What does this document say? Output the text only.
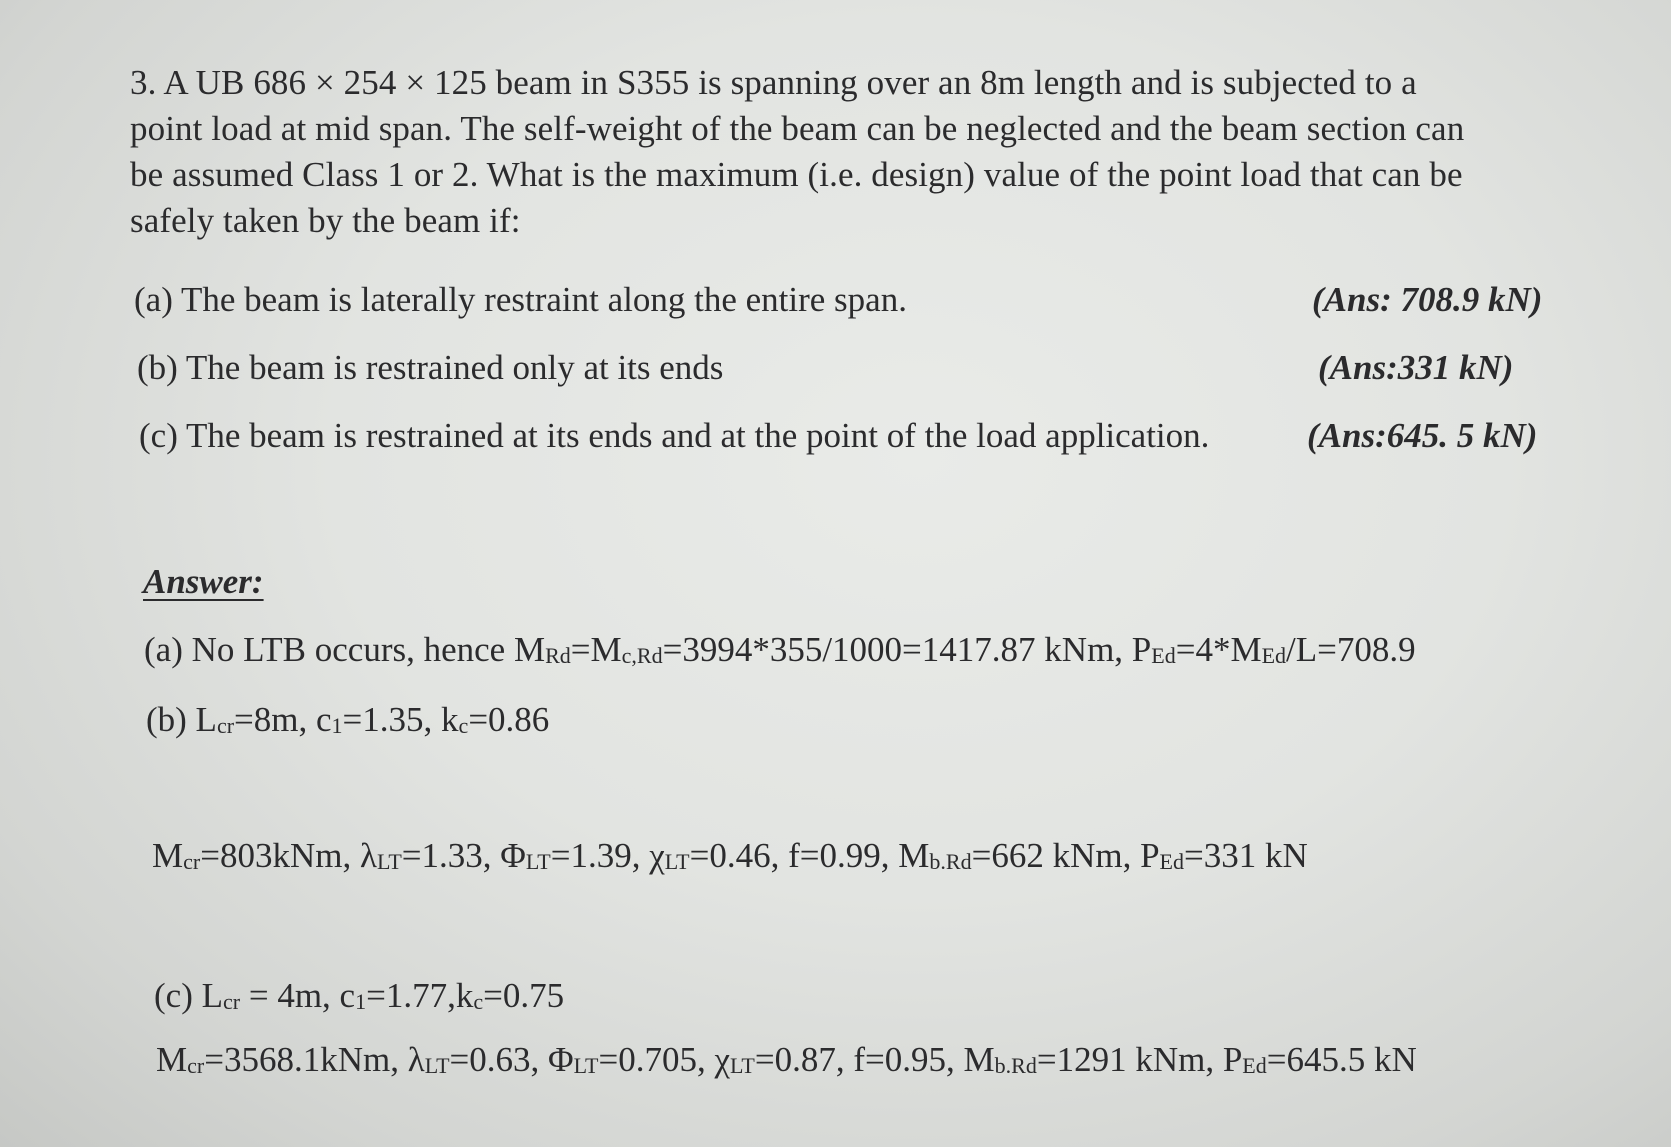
3. A UB 686 × 254 × 125 beam in S355 is spanning over an 8m length and is subjected to a
point load at mid span. The self-weight of the beam can be neglected and the beam section can
be assumed Class 1 or 2. What is the maximum (i.e. design) value of the point load that can be
safely taken by the beam if:
(a) The beam is laterally restraint along the entire span.	(Ans: 708.9 kN)
(b) The beam is restrained only at its ends	(Ans:331 kN)
(c) The beam is restrained at its ends and at the point of the load application.	(Ans:645. 5 kN)
Answer:
(a) No LTB occurs, hence MRd=Mc,Rd=3994*355/1000=1417.87 kNm, PEd=4*MEd/L=708.9
(b) Lcr=8m, c1=1.35, kc=0.86
Mcr=803kNm, λLT=1.33, ΦLT=1.39, χLT=0.46, f=0.99, Mb.Rd=662 kNm, PEd=331 kN
(c) Lcr = 4m, c1=1.77,kc=0.75
Mcr=3568.1kNm, λLT=0.63, ΦLT=0.705, χLT=0.87, f=0.95, Mb.Rd=1291 kNm, PEd=645.5 kN
